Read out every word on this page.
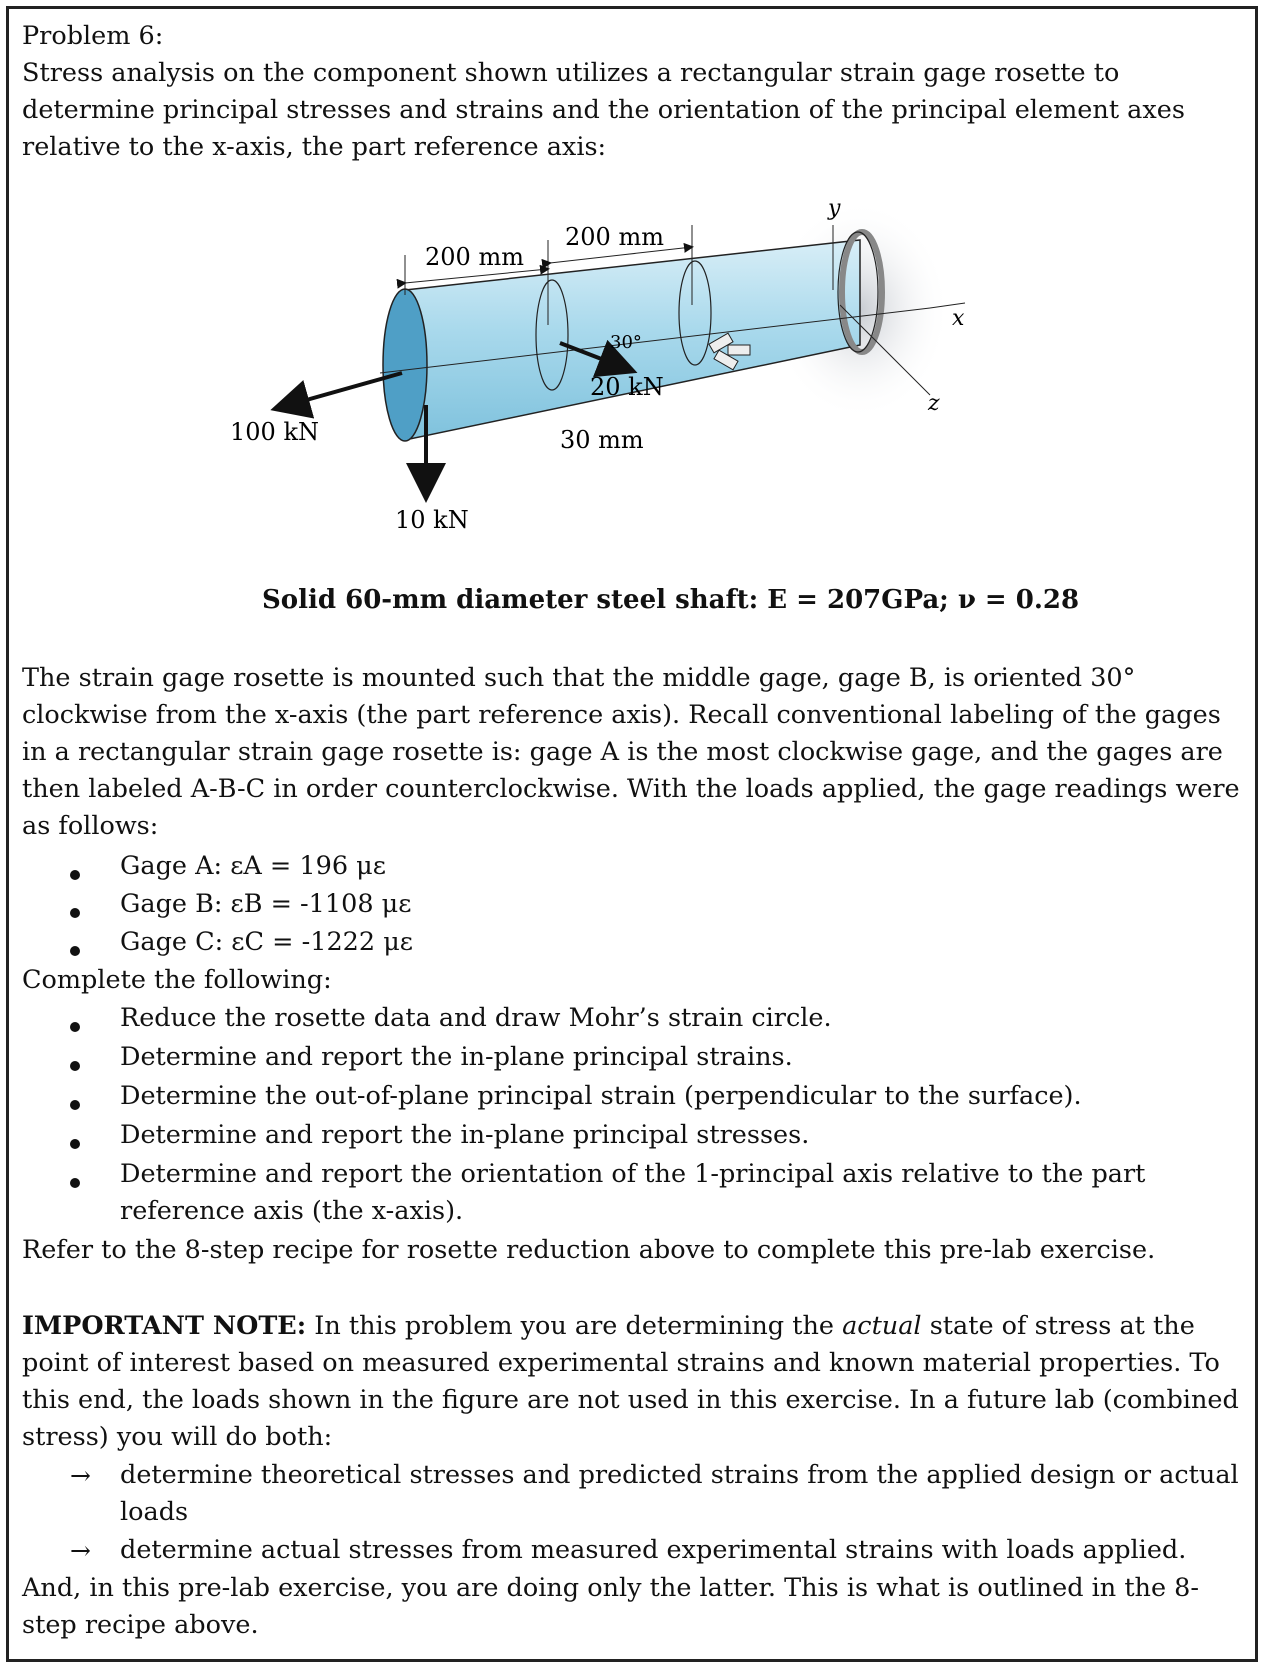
Problem 6:
Stress analysis on the component shown utilizes a rectangular strain gage rosette to determine principal stresses and strains and the orientation of the principal element axes relative to the x-axis, the part reference axis:
y
x
z
200 mm
200 mm
100 kN
10 kN
20 kN
30°
30 mm
Solid 60-mm diameter steel shaft: E = 207GPa; ν = 0.28
The strain gage rosette is mounted such that the middle gage, gage B, is oriented 30° clockwise from the x-axis (the part reference axis). Recall conventional labeling of the gages in a rectangular strain gage rosette is: gage A is the most clockwise gage, and the gages are then labeled A-B-C in order counterclockwise. With the loads applied, the gage readings were as follows:
Gage A: εA = 196 με
Gage B: εB = -1108 με
Gage C: εC = -1222 με
Complete the following:
Reduce the rosette data and draw Mohr’s strain circle.
Determine and report the in-plane principal strains.
Determine the out-of-plane principal strain (perpendicular to the surface).
Determine and report the in-plane principal stresses.
Determine and report the orientation of the 1-principal axis relative to the part reference axis (the x-axis).
Refer to the 8-step recipe for rosette reduction above to complete this pre-lab exercise.
IMPORTANT NOTE: In this problem you are determining the actual state of stress at the point of interest based on measured experimental strains and known material properties. To this end, the loads shown in the figure are not used in this exercise. In a future lab (combined stress) you will do both:
→ determine theoretical stresses and predicted strains from the applied design or actual loads
→ determine actual stresses from measured experimental strains with loads applied.
And, in this pre-lab exercise, you are doing only the latter. This is what is outlined in the 8-step recipe above.
